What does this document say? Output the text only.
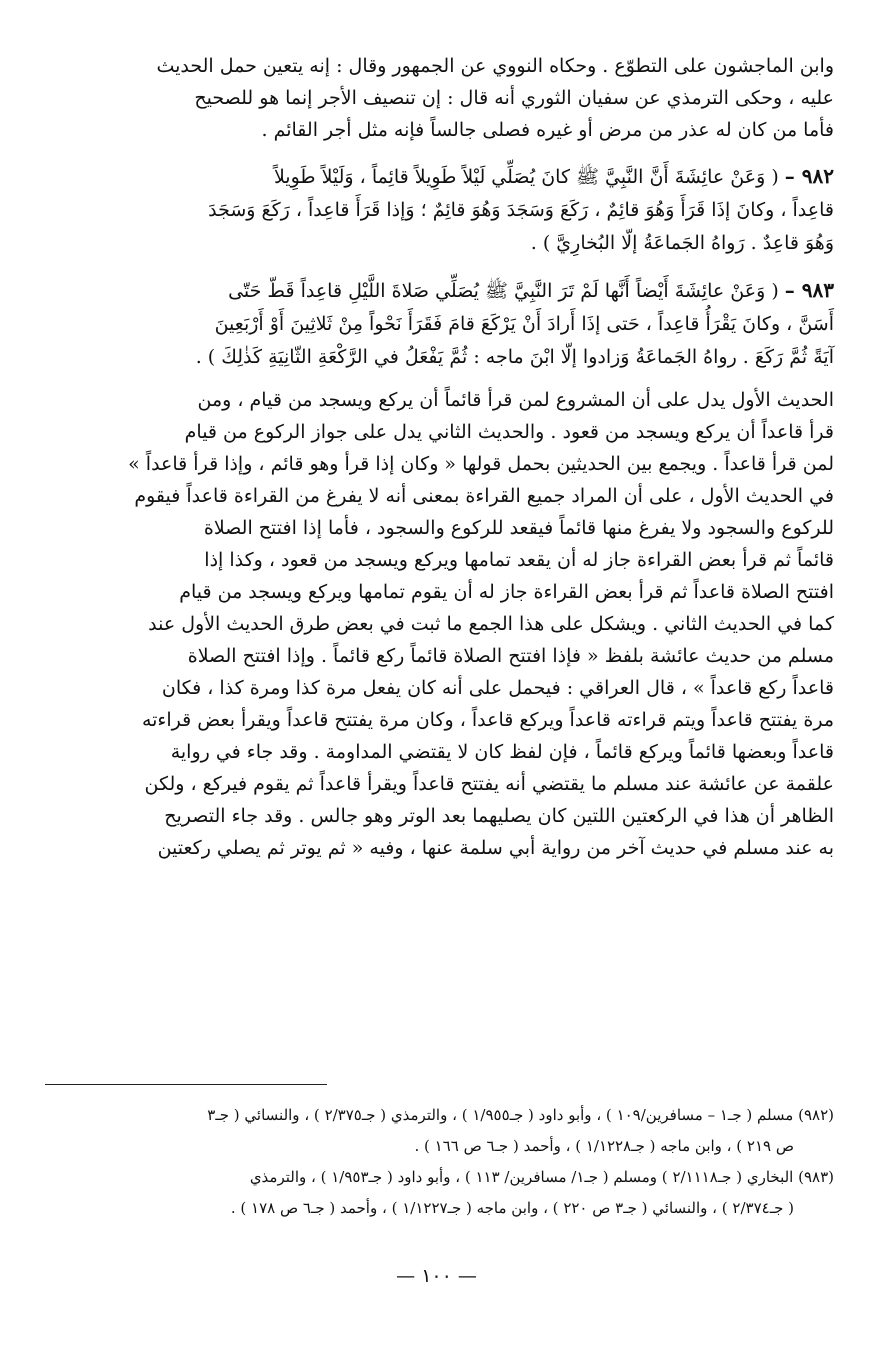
وابن الماجشون على التطوّع . وحكاه النووي عن الجمهور وقال : إنه يتعين حمل الحديث
عليه ، وحكى الترمذي عن سفيان الثوري أنه قال : إن تنصيف الأجر إنما هو للصحيح
فأما من كان له عذر من مرض أو غيره فصلى جالساً فإنه مثل أجر القائم .
٩٨٢ – ( وَعَنْ عائِشَةَ أَنَّ النَّبِيَّ ﷺ كانَ يُصَلِّي لَيْلاً طَوِيلاً قائِماً ، وَلَيْلاً طَوِيلاً
قاعِداً ، وكانَ إذَا قَرَأَ وَهُوَ قائِمٌ ، رَكَعَ وَسَجَدَ وَهُوَ قائِمٌ ؛ وَإذا قَرَأَ قاعِداً ، رَكَعَ وَسَجَدَ
وَهُوَ قاعِدٌ . رَواهُ الجَماعَةُ إلّا البُخارِيَّ ) .
٩٨٣ – ( وَعَنْ عائِشَةَ أَيْضاً أَنَّها لَمْ تَرَ النَّبِيَّ ﷺ يُصَلِّي صَلاةَ اللَّيْلِ قاعِداً قَطّ حَتّى
أَسَنَّ ، وكانَ يَقْرَأُ قاعِداً ، حَتى إذَا أَرادَ أَنْ يَرْكَعَ قامَ فَقَرَأَ نَحْواً مِنْ ثَلاثِينَ أَوْ أَرْبَعِينَ
آيَةً ثُمَّ رَكَعَ . رواهُ الجَماعَةُ وَزادوا إلّا ابْنَ ماجه : ثُمَّ يَفْعَلُ في الرَّكْعَةِ الثّانِيَةِ كَذٰلِكَ ) .
الحديث الأول يدل على أن المشروع لمن قرأ قائماً أن يركع ويسجد من قيام ، ومن
قرأ قاعداً أن يركع ويسجد من قعود . والحديث الثاني يدل على جواز الركوع من قيام
لمن قرأ قاعداً . ويجمع بين الحديثين بحمل قولها « وكان إذا قرأ وهو قائم ، وإذا قرأ قاعداً »
في الحديث الأول ، على أن المراد جميع القراءة بمعنى أنه لا يفرغ من القراءة قاعداً فيقوم
للركوع والسجود ولا يفرغ منها قائماً فيقعد للركوع والسجود ، فأما إذا افتتح الصلاة
قائماً ثم قرأ بعض القراءة جاز له أن يقعد تمامها ويركع ويسجد من قعود ، وكذا إذا
افتتح الصلاة قاعداً ثم قرأ بعض القراءة جاز له أن يقوم تمامها ويركع ويسجد من قيام
كما في الحديث الثاني . ويشكل على هذا الجمع ما ثبت في بعض طرق الحديث الأول عند
مسلم من حديث عائشة بلفظ « فإذا افتتح الصلاة قائماً ركع قائماً . وإذا افتتح الصلاة
قاعداً ركع قاعداً » ، قال العراقي : فيحمل على أنه كان يفعل مرة كذا ومرة كذا ، فكان
مرة يفتتح قاعداً ويتم قراءته قاعداً ويركع قاعداً ، وكان مرة يفتتح قاعداً ويقرأ بعض قراءته
قاعداً وبعضها قائماً ويركع قائماً ، فإن لفظ كان لا يقتضي المداومة . وقد جاء في رواية
علقمة عن عائشة عند مسلم ما يقتضي أنه يفتتح قاعداً ويقرأ قاعداً ثم يقوم فيركع ، ولكن
الظاهر أن هذا في الركعتين اللتين كان يصليهما بعد الوتر وهو جالس . وقد جاء التصريح
به عند مسلم في حديث آخر من رواية أبي سلمة عنها ، وفيه « ثم يوتر ثم يصلي ركعتين
(٩٨٢) مسلم ( جـ١ – مسافرين/١٠٩ ) ، وأبو داود ( جـ١/٩٥٥ ) ، والترمذي ( جـ٢/٣٧٥ ) ، والنسائي ( جـ٣
ص ٢١٩ ) ، وابن ماجه ( جـ١/١٢٢٨ ) ، وأحمد ( جـ٦ ص ١٦٦ ) .
(٩٨٣) البخاري ( جـ٢/١١١٨ ) ومسلم ( جـ١/ مسافرين/ ١١٣ ) ، وأبو داود ( جـ١/٩٥٣ ) ، والترمذي
( جـ٢/٣٧٤ ) ، والنسائي ( جـ٣ ص ٢٢٠ ) ، وابن ماجه ( جـ١/١٢٢٧ ) ، وأحمد ( جـ٦ ص ١٧٨ ) .
— ١٠٠ —
